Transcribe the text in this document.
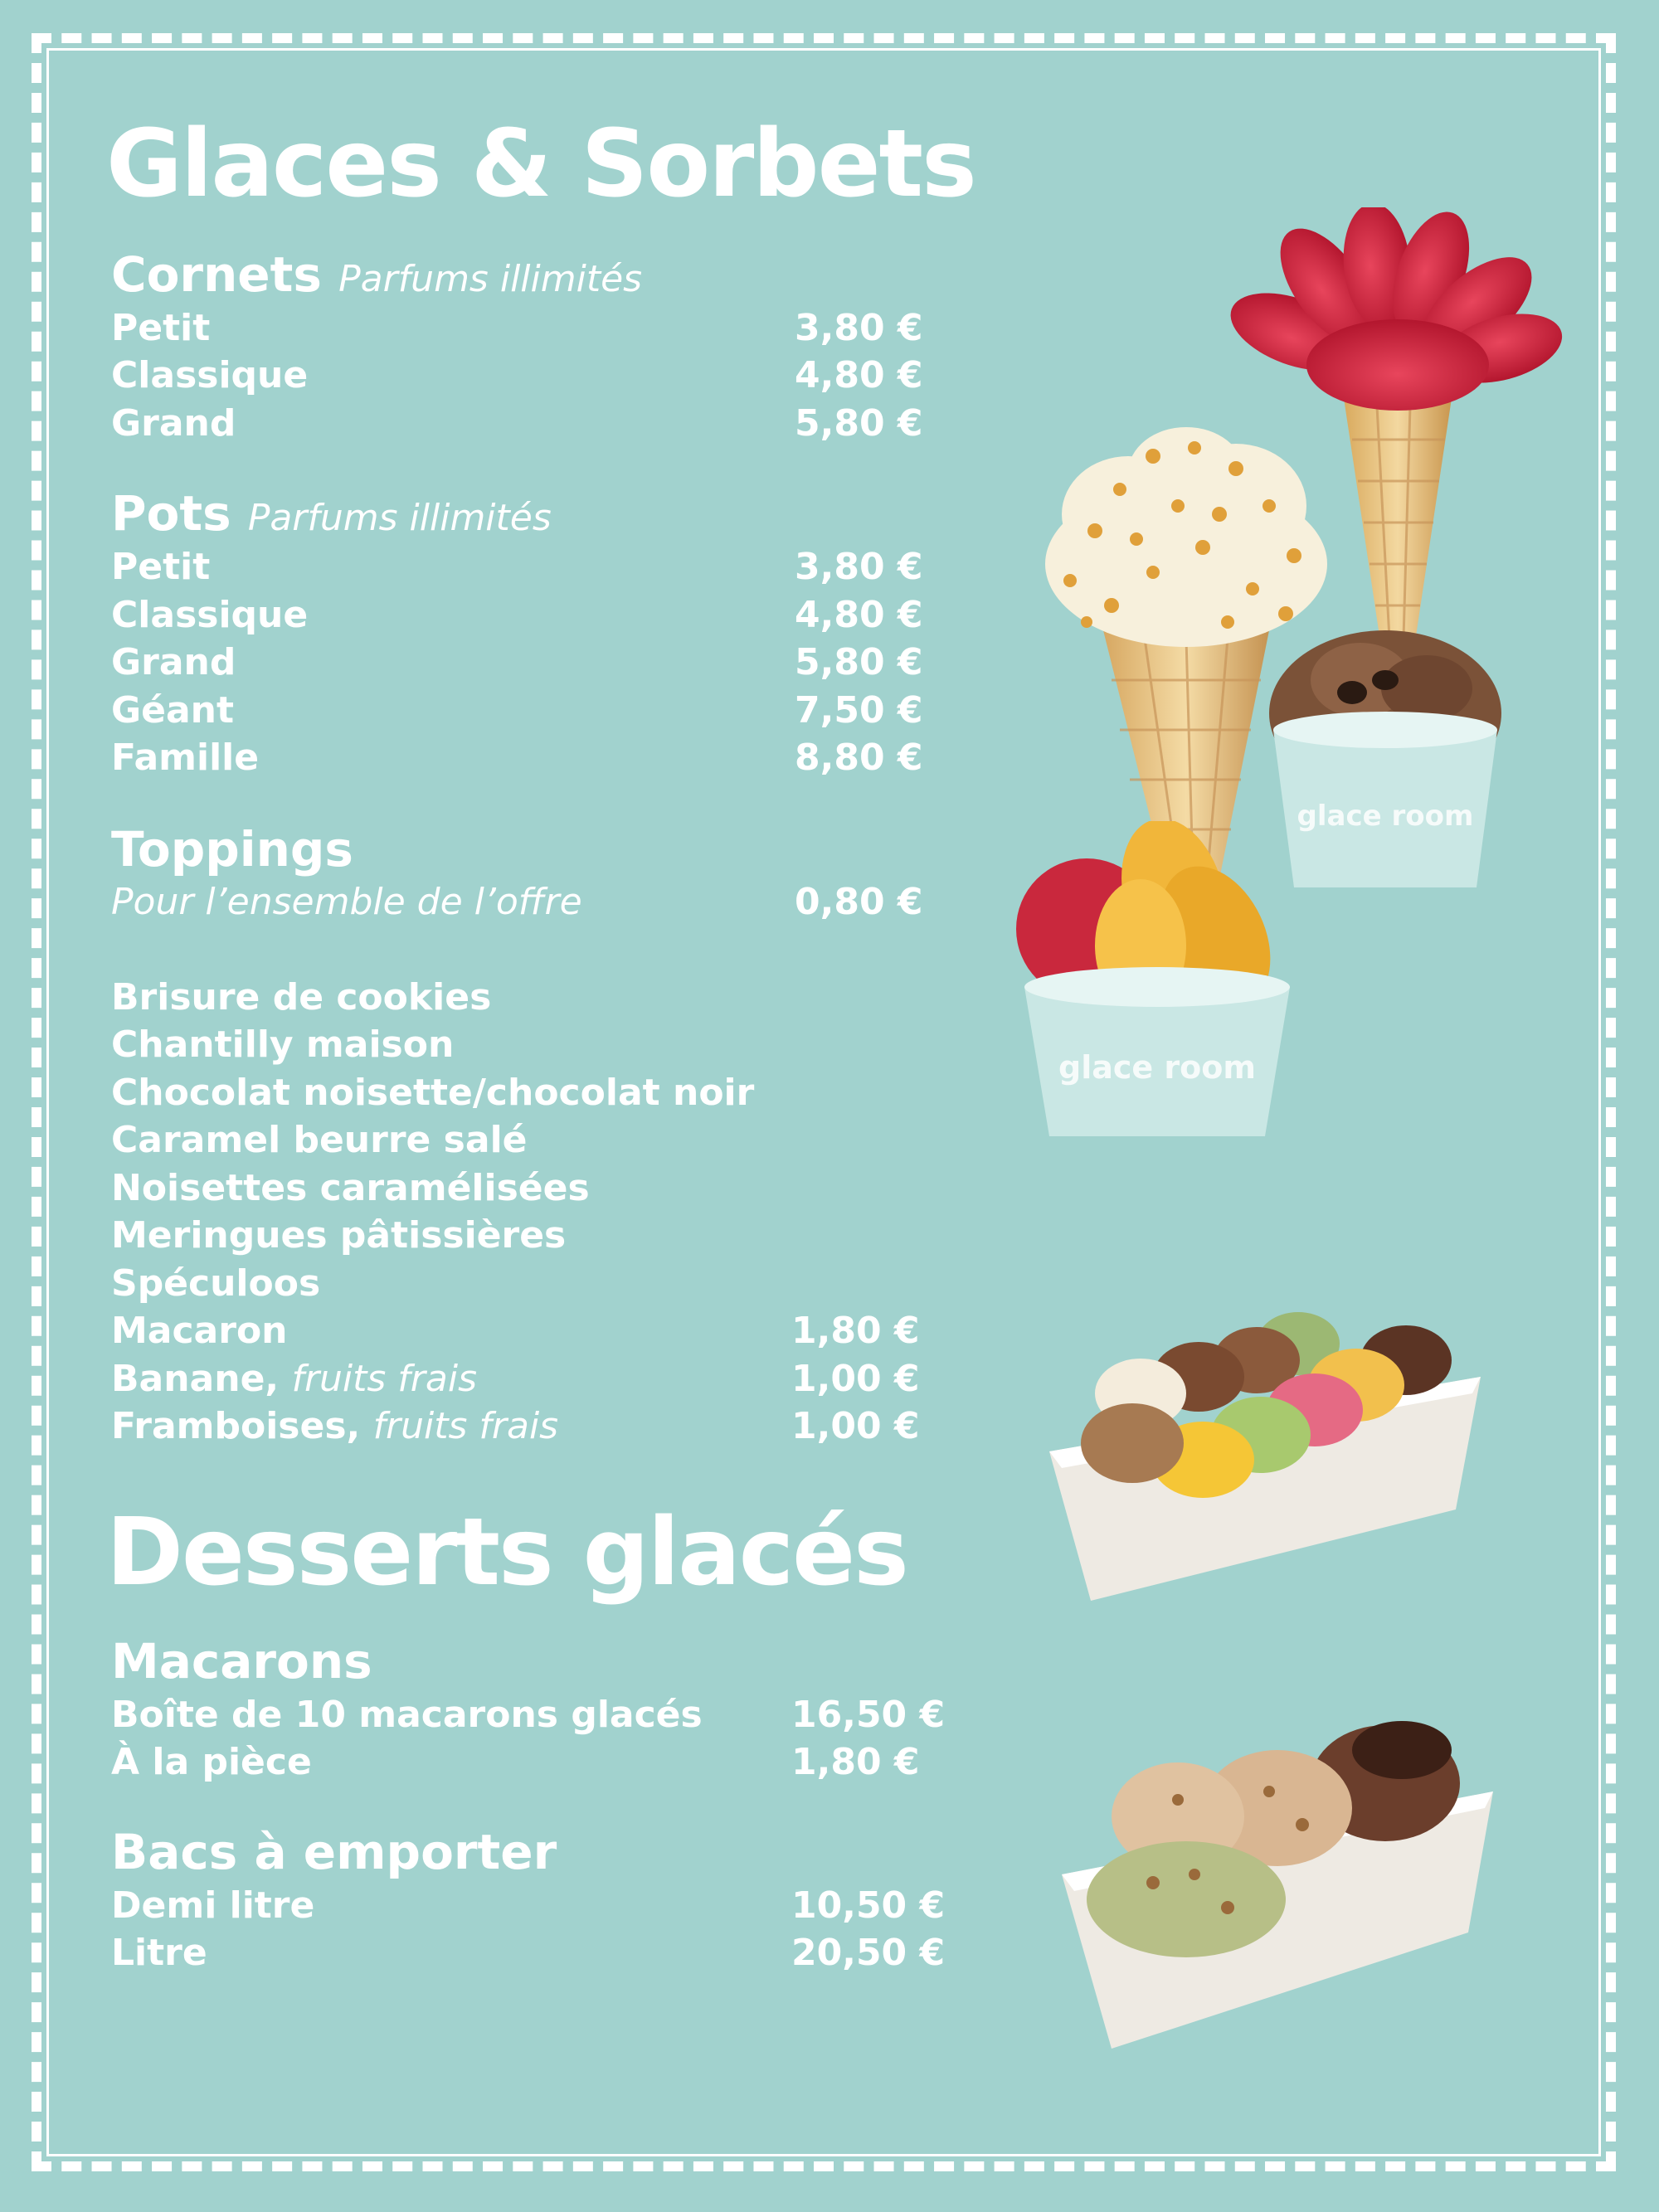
Glaces & Sorbets
Cornets Parfums illimités
Petit	3,80 €
Classique	4,80 €
Grand	5,80 €
Pots Parfums illimités
Petit	3,80 €
Classique	4,80 €
Grand	5,80 €
Géant	7,50 €
Famille	8,80 €
Toppings
Pour l’ensemble de l’offre	0,80 €
Brisure de cookies
Chantilly maison
Chocolat noisette/chocolat noir
Caramel beurre salé
Noisettes caramélisées
Meringues pâtissières
Spéculoos
Macaron	1,80 €
Banane, fruits frais	1,00 €
Framboises, fruits frais	1,00 €
Desserts glacés
Macarons
Boîte de 10 macarons glacés 16,50 €
À la pièce	1,80 €
Bacs à emporter
Demi litre	10,50 €
Litre	20,50 €
glace room
glace room
